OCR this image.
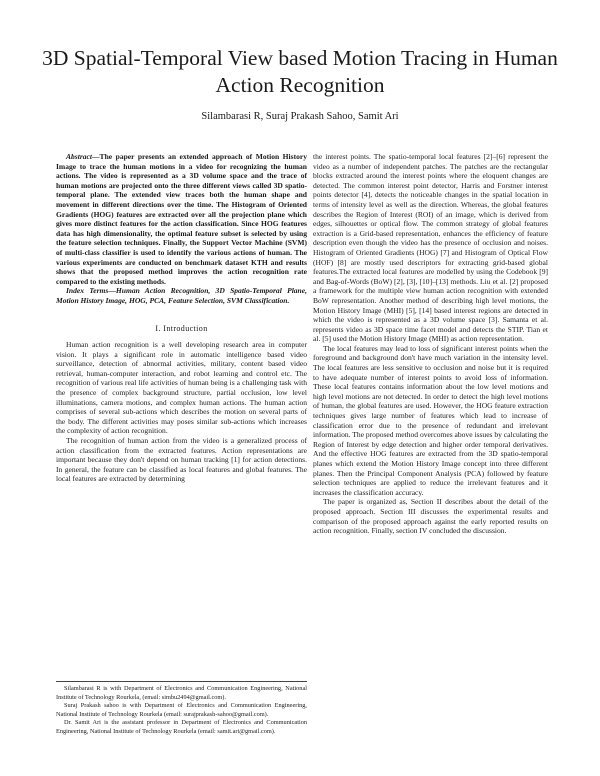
3D Spatial-Temporal View based Motion Tracing in Human Action Recognition
Silambarasi R, Suraj Prakash Sahoo, Samit Ari

Abstract—The paper presents an extended approach of Motion History Image to trace the human motions in a video for recognizing the human actions. The video is represented as a 3D volume space and the trace of human motions are projected onto the three different views called 3D spatio-temporal plane. The extended view traces both the human shape and movement in different directions over the time. The Histogram of Oriented Gradients (HOG) features are extracted over all the projection plane which gives more distinct features for the action classification. Since HOG features data has high dimensionality, the optimal feature subset is selected by using the feature selection techniques. Finally, the Support Vector Machine (SVM) of multi-class classifier is used to identify the various actions of human. The various experiments are conducted on benchmark dataset KTH and results shows that the proposed method improves the action recognition rate compared to the existing methods.

Index Terms—Human Action Recognition, 3D Spatio-Temporal Plane, Motion History Image, HOG, PCA, Feature Selection, SVM Classification.

I. Introduction

Human action recognition is a well developing research area in computer vision. It plays a significant role in automatic intelligence based video surveillance, detection of abnormal activities, military, content based video retrieval, human-computer interaction, and robot learning and control etc. The recognition of various real life activities of human being is a challenging task with the presence of complex background structure, partial occlusion, low level illuminations, camera motions, and complex human actions. The human action comprises of several sub-actions which describes the motion on several parts of the body. The different activities may poses similar sub-actions which increases the complexity of action recognition.

The recognition of human action from the video is a generalized process of action classification from the extracted features. Action representations are important because they don't depend on human tracking [1] for action detections. In general, the feature can be classified as local features and global features. The local features are extracted by determining

Silambarasi R is with Department of Electronics and Communication Engineering, National Institute of Technology Rourkela, (email: simbu2494@gmail.com).

Suraj Prakash sahoo is with Department of Electronics and Communication Engineering, National Institute of Technology Rourkela (email: surajprakash-sahoo@gmail.com).

Dr. Samit Ari is the assistant professor in Department of Electronics and Communication Engineering, National Institute of Technology Rourkela (email: samit.ari@gmail.com).

the interest points. The spatio-temporal local features [2]–[6] represent the video as a number of independent patches. The patches are the rectangular blocks extracted around the interest points where the eloquent changes are detected. The common interest point detector, Harris and Forstner interest points detector [4], detects the noticeable changes in the spatial location in terms of intensity level as well as the direction. Whereas, the global features describes the Region of Interest (ROI) of an image, which is derived from edges, silhouettes or optical flow. The common strategy of global features extraction is a Grid-based representation, enhances the efficiency of feature description even though the video has the presence of occlusion and noises. Histogram of Oriented Gradients (HOG) [7] and Histogram of Optical Flow (HOF) [8] are mostly used descriptors for extracting grid-based global features.The extracted local features are modelled by using the Codebook [9] and Bag-of-Words (BoW) [2], [3], [10]–[13] methods. Liu et al. [2] proposed a framework for the multiple view human action recognition with extended BoW representation. Another method of describing high level motions, the Motion History Image (MHI) [5], [14] based interest regions are detected in which the video is represented as a 3D volume space [3]. Samanta et al. represents video as 3D space time facet model and detects the STIP. Tian et al. [5] used the Motion History Image (MHI) as action representation.

The local features may lead to loss of significant interest points when the foreground and background don't have much variation in the intensity level. The local features are less sensitive to occlusion and noise but it is required to have adequate number of interest points to avoid loss of information. These local features contains information about the low level motions and high level motions are not detected. In order to detect the high level motions of human, the global features are used. However, the HOG feature extraction techniques gives large number of features which lead to increase of classification error due to the presence of redundant and irrelevant information. The proposed method overcomes above issues by calculating the Region of Interest by edge detection and higher order temporal derivatives. And the effective HOG features are extracted from the 3D spatio-temporal planes which extend the Motion History Image concept into three different planes. Then the Principal Component Analysis (PCA) followed by feature selection techniques are applied to reduce the irrelevant features and it increases the classification accuracy.

The paper is organized as, Section II describes about the detail of the proposed approach. Section III discusses the experimental results and comparison of the proposed approach against the early reported results on action recognition. Finally, section IV concluded the discussion.
